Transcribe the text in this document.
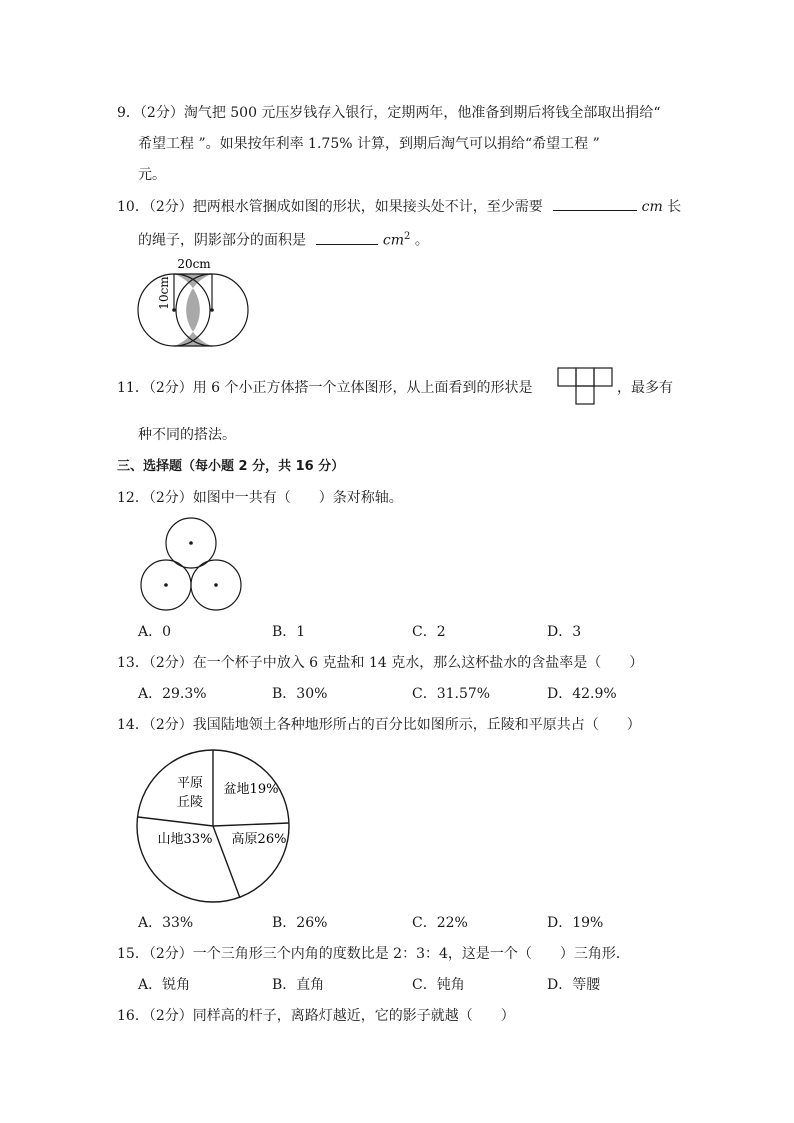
9．（2分）淘气把 500 元压岁钱存入银行，定期两年，他准备到期后将钱全部取出捐给“
希望工程 ”。如果按年利率 1.75% 计算，到期后淘气可以捐给“希望工程 ”
元。
10．（2分）把两根水管捆成如图的形状，如果接头处不计，至少需要	cm 长
的绳子，阴影部分的面积是	$cm^2$ 。
20cm
10cm
11．（2分）用 6 个小正方体搭一个立体图形，从上面看到的形状是	，最多有
种不同的搭法。
三、选择题（每小题 2 分，共 16 分）
12．（2分）如图中一共有（　　）条对称轴。
A．0	B．1	C．2	D．3
13．（2分）在一个杯子中放入 6 克盐和 14 克水，那么这杯盐水的含盐率是（　　）
A．29.3%	B．30%	C．31.57%	D．42.9%
14．（2分）我国陆地领土各种地形所占的百分比如图所示，丘陵和平原共占（　　）
平原
丘陵
盆地19%
高原26%
山地33%
A．33%	B．26%	C．22%	D．19%
15．（2分）一个三角形三个内角的度数比是 2：3：4，这是一个（　　）三角形．
A．锐角	B．直角	C．钝角	D．等腰
16．（2分）同样高的杆子，离路灯越近，它的影子就越（　　）
